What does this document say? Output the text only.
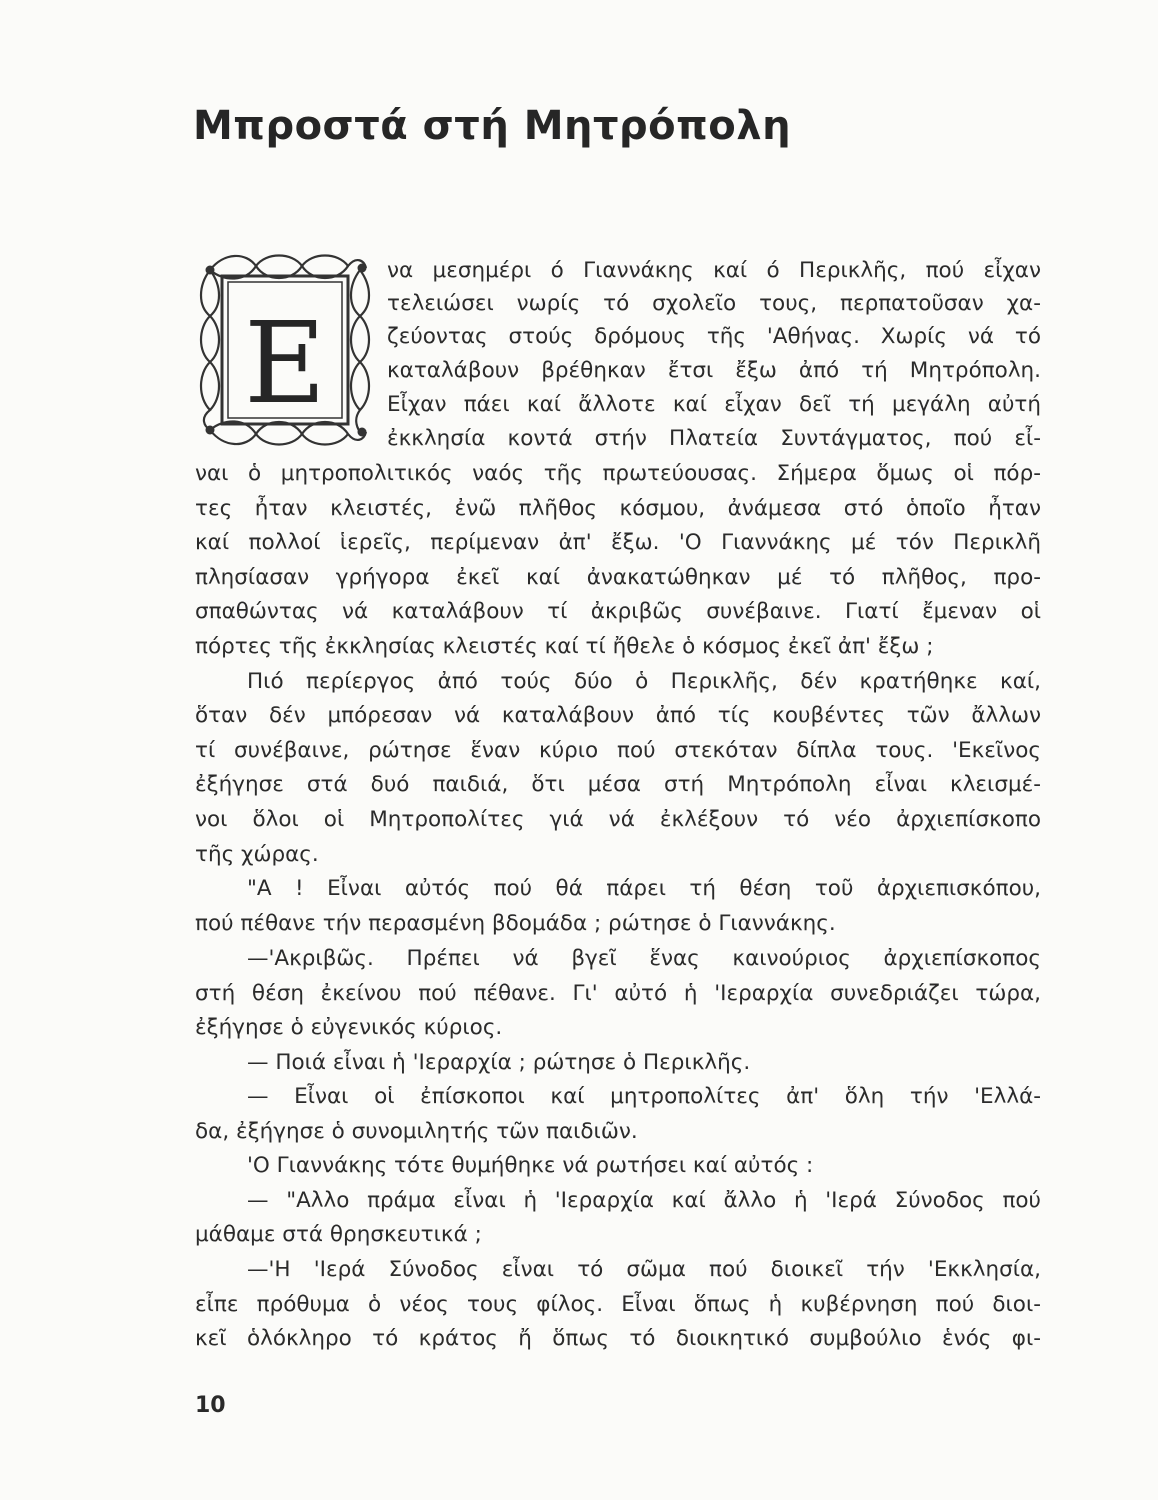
Μπροστά στή Μητρόπολη
Ε

να μεσημέρι ό Γιαννάκης καί ό Περικλῆς, πού εἶχαν

τελειώσει νωρίς τό σχολεῖο τους, περπατοῦσαν χα-

ζεύοντας στούς δρόμους τῆς 'Αθήνας. Χωρίς νά τό

καταλάβουν βρέθηκαν ἔτσι ἔξω ἀπό τή Μητρόπολη.

Εἶχαν πάει καί ἄλλοτε καί εἶχαν δεῖ τή μεγάλη αὐτή

ἐκκλησία κοντά στήν Πλατεία Συντάγματος, πού εἶ-

ναι ὁ μητροπολιτικός ναός τῆς πρωτεύουσας. Σήμερα ὅμως οἱ πόρ-

τες ἦταν κλειστές, ἐνῶ πλῆθος κόσμου, ἀνάμεσα στό ὁποῖο ἦταν

καί πολλοί ἱερεῖς, περίμεναν ἀπ' ἔξω. 'Ο Γιαννάκης μέ τόν Περικλῆ

πλησίασαν γρήγορα ἐκεῖ καί ἀνακατώθηκαν μέ τό πλῆθος, προ-

σπαθώντας νά καταλάβουν τί ἀκριβῶς συνέβαινε. Γιατί ἔμεναν οἱ

πόρτες τῆς ἐκκλησίας κλειστές καί τί ἤθελε ὁ κόσμος ἐκεῖ ἀπ' ἔξω ;

Πιό περίεργος ἀπό τούς δύο ὁ Περικλῆς, δέν κρατήθηκε καί,

ὅταν δέν μπόρεσαν νά καταλάβουν ἀπό τίς κουβέντες τῶν ἄλλων

τί συνέβαινε, ρώτησε ἕναν κύριο πού στεκόταν δίπλα τους. 'Εκεῖνος

ἐξήγησε στά δυό παιδιά, ὅτι μέσα στή Μητρόπολη εἶναι κλεισμέ-

νοι ὅλοι οἱ Μητροπολίτες γιά νά ἐκλέξουν τό νέο ἀρχιεπίσκοπο

τῆς χώρας.

"Α ! Εἶναι αὐτός πού θά πάρει τή θέση τοῦ ἀρχιεπισκόπου,

πού πέθανε τήν περασμένη βδομάδα ; ρώτησε ὁ Γιαννάκης.

—'Ακριβῶς. Πρέπει νά βγεῖ ἕνας καινούριος ἀρχιεπίσκοπος

στή θέση ἐκείνου πού πέθανε. Γι' αὐτό ἡ 'Ιεραρχία συνεδριάζει τώρα,

ἐξήγησε ὁ εὐγενικός κύριος.

— Ποιά εἶναι ἡ 'Ιεραρχία ; ρώτησε ὁ Περικλῆς.

— Εἶναι οἱ ἐπίσκοποι καί μητροπολίτες ἀπ' ὅλη τήν 'Ελλά-

δα, ἐξήγησε ὁ συνομιλητής τῶν παιδιῶν.

'Ο Γιαννάκης τότε θυμήθηκε νά ρωτήσει καί αὐτός :

— "Αλλο πράμα εἶναι ἡ 'Ιεραρχία καί ἄλλο ἡ 'Ιερά Σύνοδος πού

μάθαμε στά θρησκευτικά ;

—'Η 'Ιερά Σύνοδος εἶναι τό σῶμα πού διοικεῖ τήν 'Εκκλησία,

εἶπε πρόθυμα ὁ νέος τους φίλος. Εἶναι ὅπως ἡ κυβέρνηση πού διοι-

κεῖ ὁλόκληρο τό κράτος ἤ ὅπως τό διοικητικό συμβούλιο ἑνός φι-

10
